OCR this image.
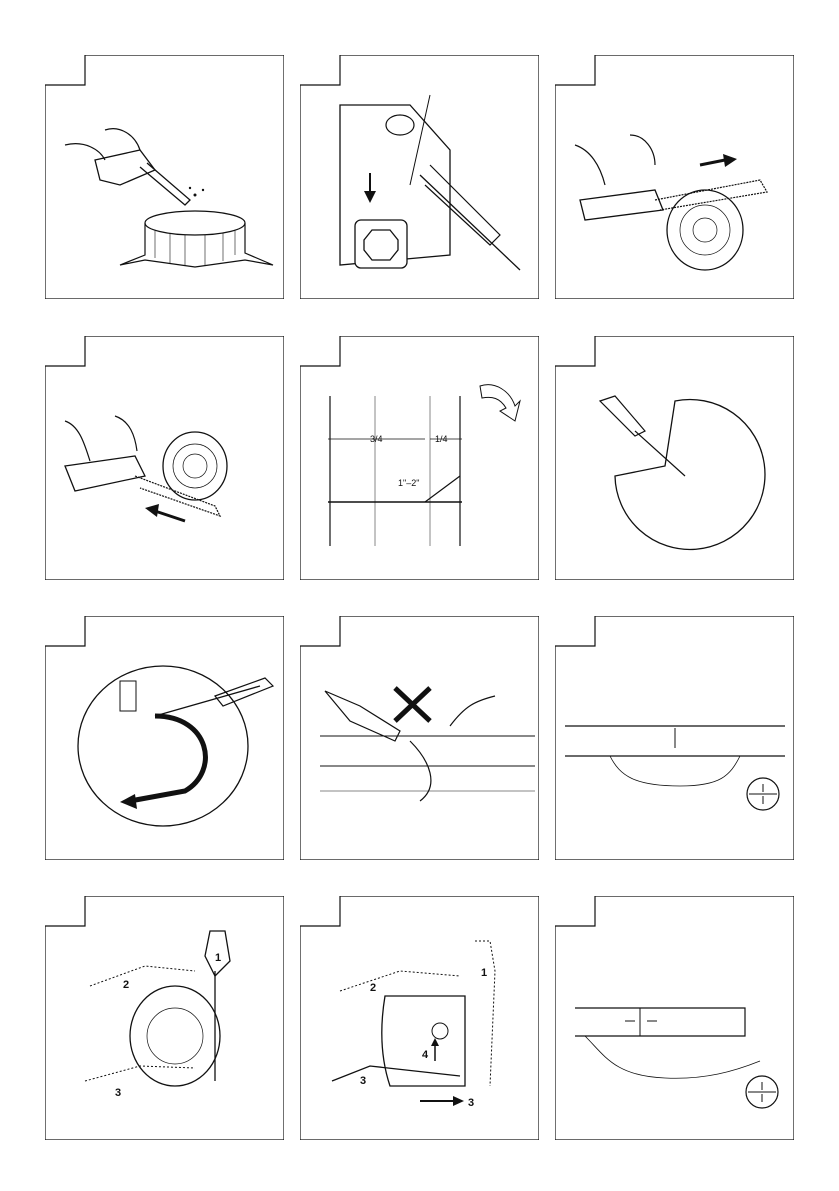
3/4	1/4
1"–2"
1
2
3
1
2
3
4
3
